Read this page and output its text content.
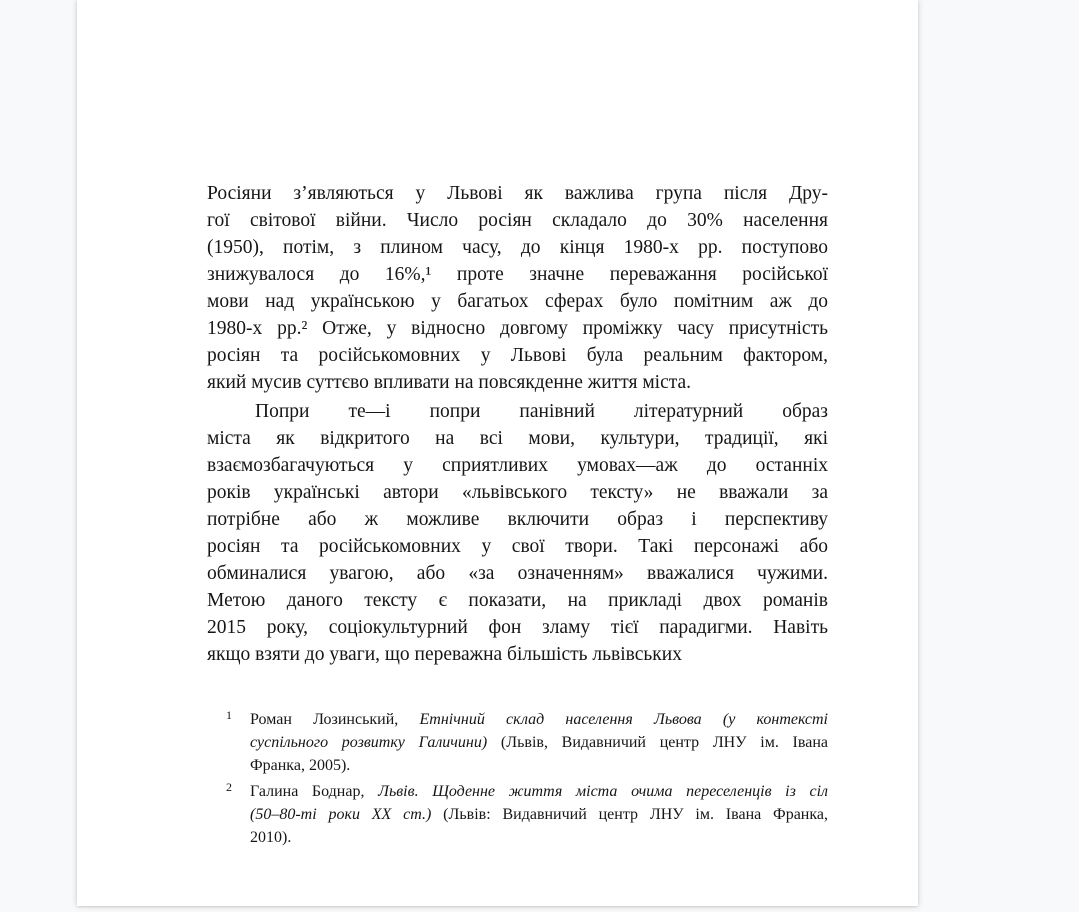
Росіяни з’являються у Львові як важлива група після Дру-
гої світової війни. Число росіян складало до 30% населення
(1950), потім, з плином часу, до кінця 1980-х рр. поступово
знижувалося до 16%,¹ проте значне переважання російської
мови над українською у багатьох сферах було помітним аж до
1980-х рр.² Отже, у відносно довгому проміжку часу присутність
росіян та російськомовних у Львові була реальним фактором,
який мусив суттєво впливати на повсякденне життя міста.
Попри те—і попри панівний літературний образ
міста як відкритого на всі мови, культури, традиції, які
взаємозбагачуються у сприятливих умовах—аж до останніх
років українські автори «львівського тексту» не вважали за
потрібне або ж можливе включити образ і перспективу
росіян та російськомовних у свої твори. Такі персонажі або
обминалися увагою, або «за означенням» вважалися чужими.
Метою даного тексту є показати, на прикладі двох романів
2015 року, соціокультурний фон зламу тієї парадигми. Навіть
якщо взяти до уваги, що переважна більшість львівських
1	Роман Лозинський, Етнічний склад населення Львова (у контексті
суспільного розвитку Галичини) (Львів, Видавничий центр ЛНУ ім. Івана
Франка, 2005).
2	Галина Боднар, Львів. Щоденне життя міста очима переселенців із сіл
(50–80-ті роки XX ст.) (Львів: Видавничий центр ЛНУ ім. Івана Франка,
2010).
